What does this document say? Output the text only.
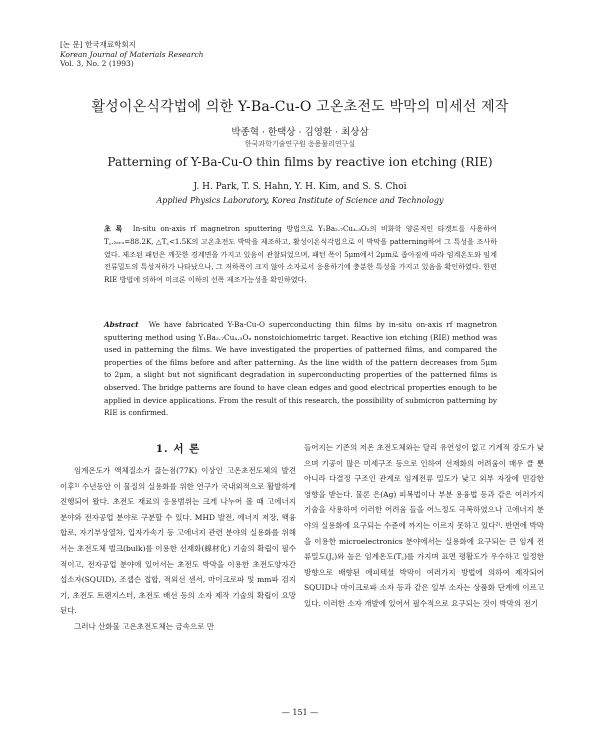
[논 문] 한국재료학회지
Korean Journal of Materials Research
Vol. 3, No. 2 (1993)
활성이온식각법에 의한 Y-Ba-Cu-O 고온초전도 박막의 미세선 제작
박종혁 · 한택상 · 김영환 · 최상삼
한국과학기술연구원 응용물리연구실
Patterning of Y-Ba-Cu-O thin films by reactive ion etching (RIE)
J. H. Park, T. S. Hahn, Y. H. Kim, and S. S. Choi
Applied Physics Laboratory, Korea Institute of Science and Technology
초 록 In-situ on-axis rf magnetron sputtering 방법으로 Y₁Ba₂.₇Cu₄.₃O₂의 비화학 양론적인 타겟트를 사용하여 T꜀.₂ₑᵣₒ=88.2K, △T꜀<1.5K의 고온초전도 박막을 제조하고, 활성이온식각법으로 이 박막을 patterning하여 그 특성을 조사하였다. 제조된 패턴은 깨끗한 경계면을 가지고 있음이 관찰되었으며, 패턴 폭이 5μm에서 2μm로 좁아짐에 따라 임계온도와 임계전류밀도의 특성저하가 나타났으나, 그 저하폭이 크지 않아 소자로서 응용하기에 충분한 특성을 가지고 있음을 확인하였다. 한편 RIE 방법에 의하여 미크론 이하의 선폭 제조가능성을 확인하였다.
Abstract We have fabricated Y-Ba-Cu-O superconducting thin films by in-situ on-axis rf magnetron sputtering method using Y₁Ba₂.₇Cu₄.₃Oₓ nonstoichiometric target. Reactive ion etching (RIE) method was used in patterning the films. We have investigated the properties of patterned films, and compared the properties of the films before and after patterning. As the line width of the pattern decreases from 5μm to 2μm, a slight but not significant degradation in superconducting properties of the patterned films is observed. The bridge patterns are found to have clean edges and good electrical properties enough to be applied in device applications. From the result of this research, the possibility of submicron patterning by RIE is confirmed.
1. 서 론

임계온도가 액체질소가 끓는점(77K) 이상인 고온초전도체의 발견 이후¹⁾ 수년동안 이 물질의 실용화를 위한 연구가 국내외적으로 활발하게 진행되어 왔다. 초전도 재료의 응용범위는 크게 나누어 볼 때 고에너지 분야와 전자공업 분야로 구분할 수 있다. MHD 발전, 에너지 저장, 핵융합로, 자기부상열차, 입자가속기 등 고에너지 관련 분야의 실용화를 위해서는 초전도체 벌크(bulk)를 이용한 선재화(線材化) 기술의 확립이 필수적이고, 전자공업 분야에 있어서는 초전도 박막을 이용한 초전도양자간섭소자(SQUID), 조셉슨 접합, 적외선 센서, 마이크로파 및 mm파 검지기, 초전도 트랜지스터, 초전도 배선 등의 소자 제작 기술의 확립이 요망된다.

그러나 산화물 고온초전도체는 금속으로 만

들어지는 기존의 저온 초전도체와는 달리 유연성이 없고 기계적 강도가 낮으며 기공이 많은 미세구조 등으로 인하여 선재화의 어려움이 매우 클 뿐 아니라 다결정 구조인 관계로 임계전류 밀도가 낮고 외부 자장에 민감한 영향을 받는다. 물론 은(Ag) 피복법이나 부분 용융법 등과 같은 여러가지 기술을 사용하여 이러한 어려움 들을 어느정도 극복하였으나 고에너지 분야의 실용화에 요구되는 수준에 까지는 이르지 못하고 있다²⁾. 반면에 박막을 이용한 microelectronics 분야에서는 실용화에 요구되는 큰 임계 전류밀도(J꜀)와 높은 임계온도(T꜀)를 가지며 표면 평활도가 우수하고 일정한 방향으로 배향된 에피텍셜 박막이 여러가지 방법에 의하여 제작되어 SQUID나 마이크로파 소자 등과 같은 일부 소자는 상품화 단계에 이르고 있다. 이러한 소자 개발에 있어서 필수적으로 요구되는 것이 박막의 전기

— 151 —
